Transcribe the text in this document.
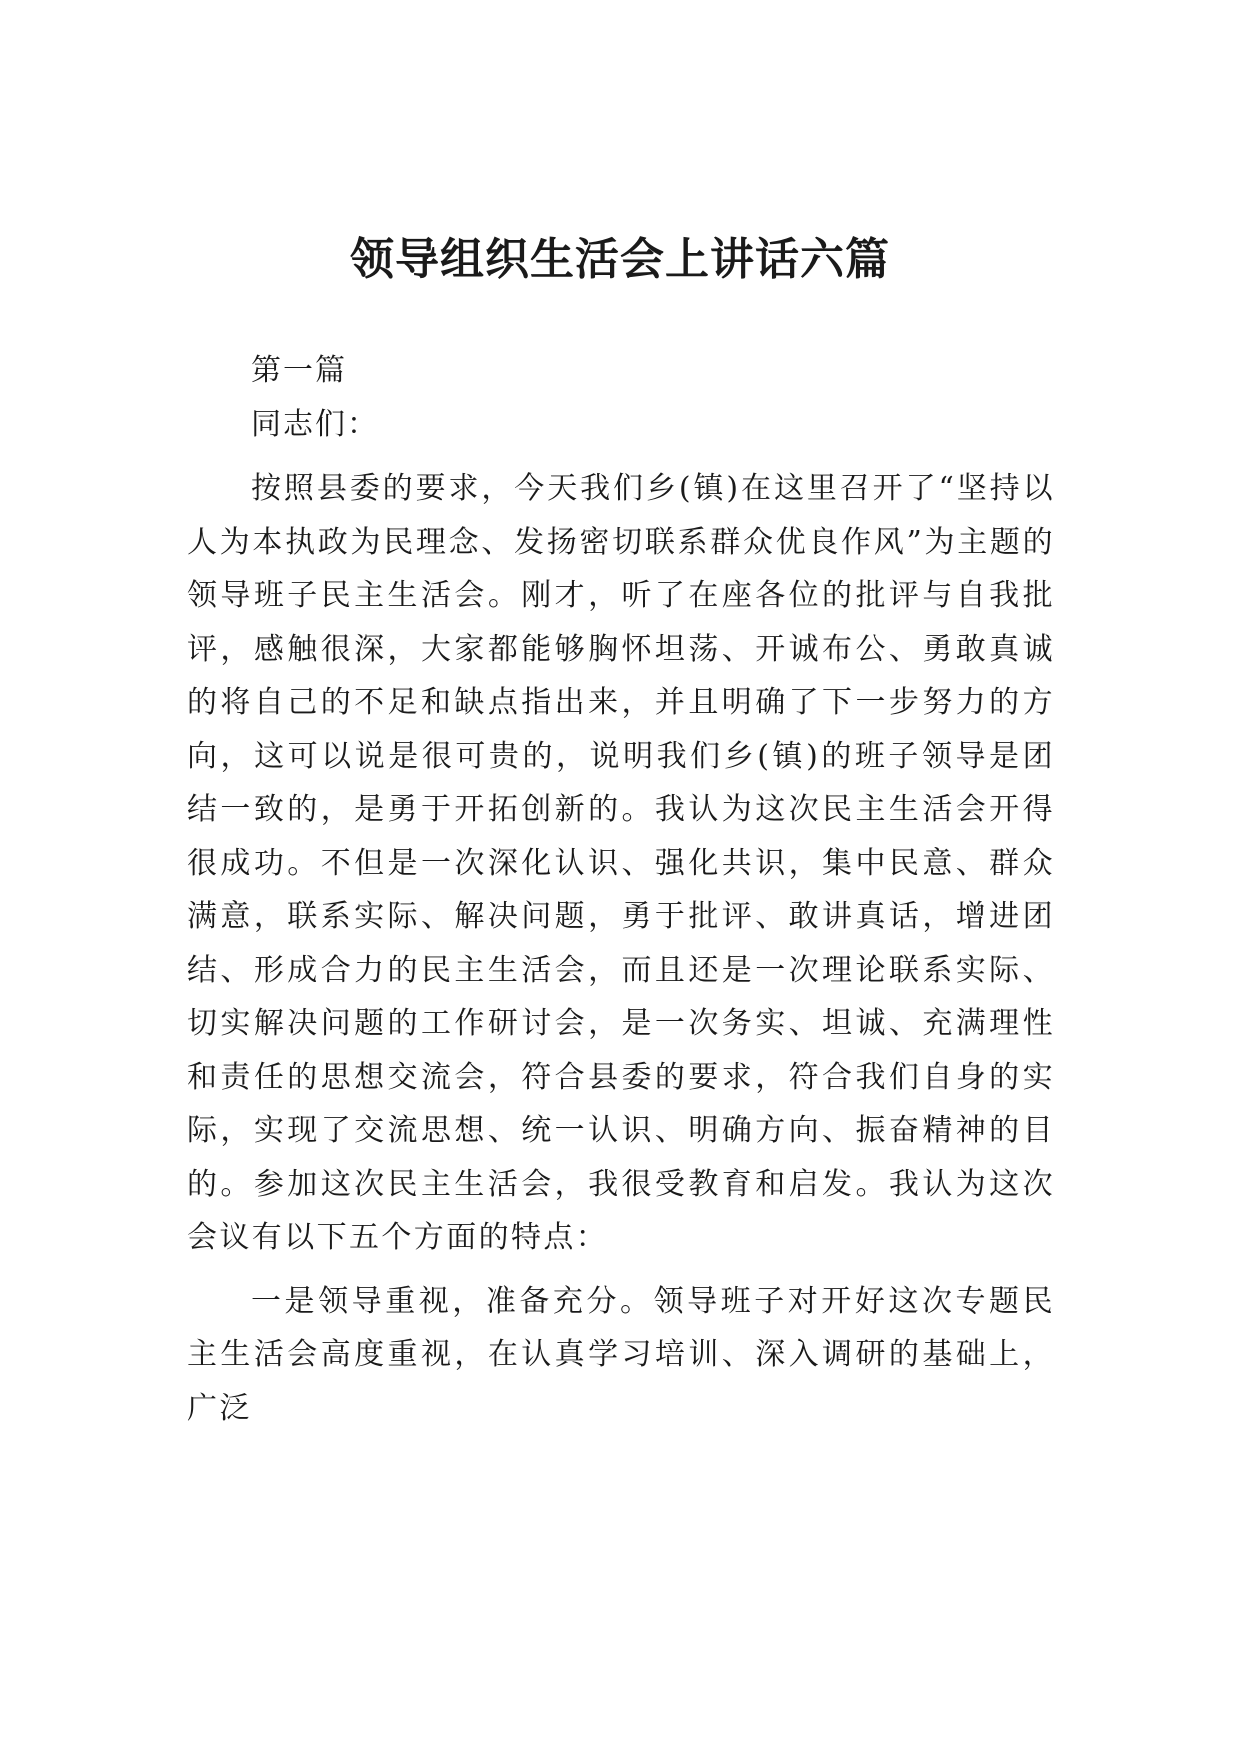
领导组织生活会上讲话六篇

第一篇

同志们：

按照县委的要求，今天我们乡(镇)在这里召开了“坚持以人为本执政为民理念、发扬密切联系群众优良作风”为主题的领导班子民主生活会。刚才，听了在座各位的批评与自我批评，感触很深，大家都能够胸怀坦荡、开诚布公、勇敢真诚的将自己的不足和缺点指出来，并且明确了下一步努力的方向，这可以说是很可贵的，说明我们乡(镇)的班子领导是团结一致的，是勇于开拓创新的。我认为这次民主生活会开得很成功。不但是一次深化认识、强化共识，集中民意、群众满意，联系实际、解决问题，勇于批评、敢讲真话，增进团结、形成合力的民主生活会，而且还是一次理论联系实际、切实解决问题的工作研讨会，是一次务实、坦诚、充满理性和责任的思想交流会，符合县委的要求，符合我们自身的实际，实现了交流思想、统一认识、明确方向、振奋精神的目的。参加这次民主生活会，我很受教育和启发。我认为这次会议有以下五个方面的特点：

一是领导重视，准备充分。领导班子对开好这次专题民主生活会高度重视，在认真学习培训、深入调研的基础上，广泛
